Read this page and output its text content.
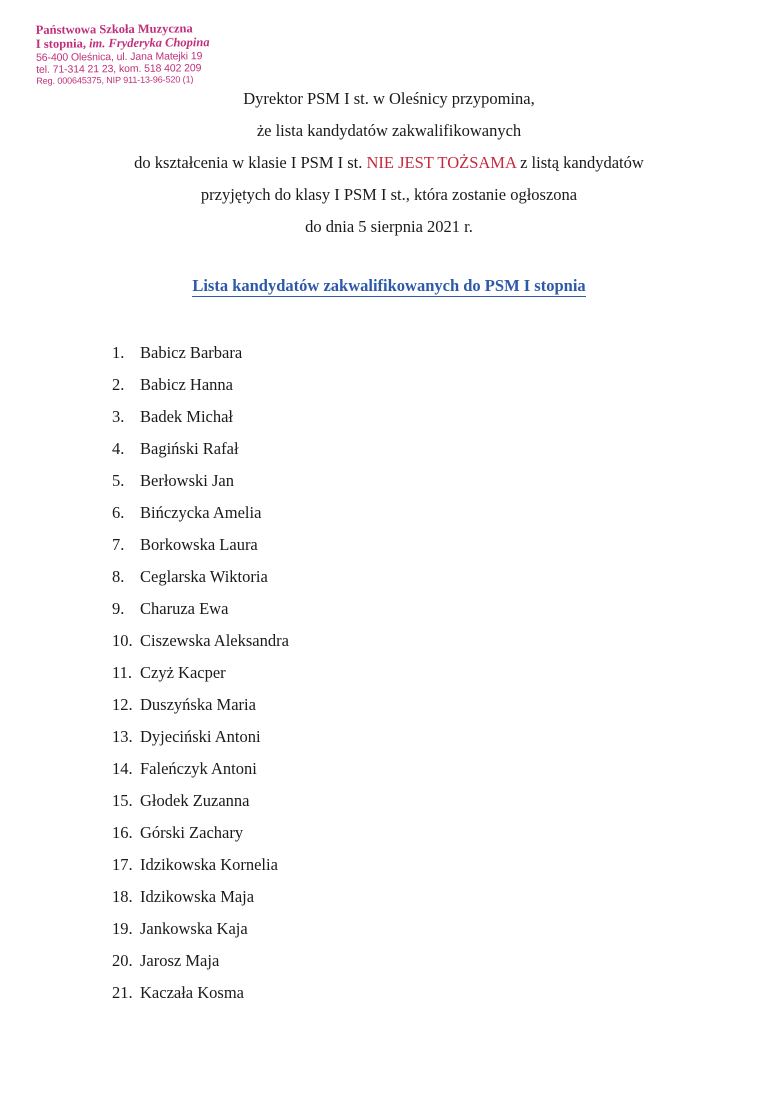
Państwowa Szkoła Muzyczna
I stopnia, im. Fryderyka Chopina
56-400 Oleśnica, ul. Jana Matejki 19
tel. 71-314 21 23, kom. 518 402 209
Reg. 000645375, NIP 911-13-96-520 (1)
Dyrektor PSM I st. w Oleśnicy przypomina,
że lista kandydatów zakwalifikowanych
do kształcenia w klasie I PSM I st. NIE JEST TOŻSAMA z listą kandydatów
przyjętych do klasy I PSM I st., która zostanie ogłoszona
do dnia 5 sierpnia 2021 r.
Lista kandydatów zakwalifikowanych do PSM I stopnia
1. Babicz Barbara
2. Babicz Hanna
3. Badek Michał
4. Bagiński Rafał
5. Berłowski Jan
6. Bińczycka Amelia
7. Borkowska Laura
8. Ceglarska Wiktoria
9. Charuza Ewa
10. Ciszewska Aleksandra
11. Czyż Kacper
12. Duszyńska Maria
13. Dyjeciński Antoni
14. Faleńczyk Antoni
15. Głodek Zuzanna
16. Górski Zachary
17. Idzikowska Kornelia
18. Idzikowska Maja
19. Jankowska Kaja
20. Jarosz Maja
21. Kaczała Kosma
